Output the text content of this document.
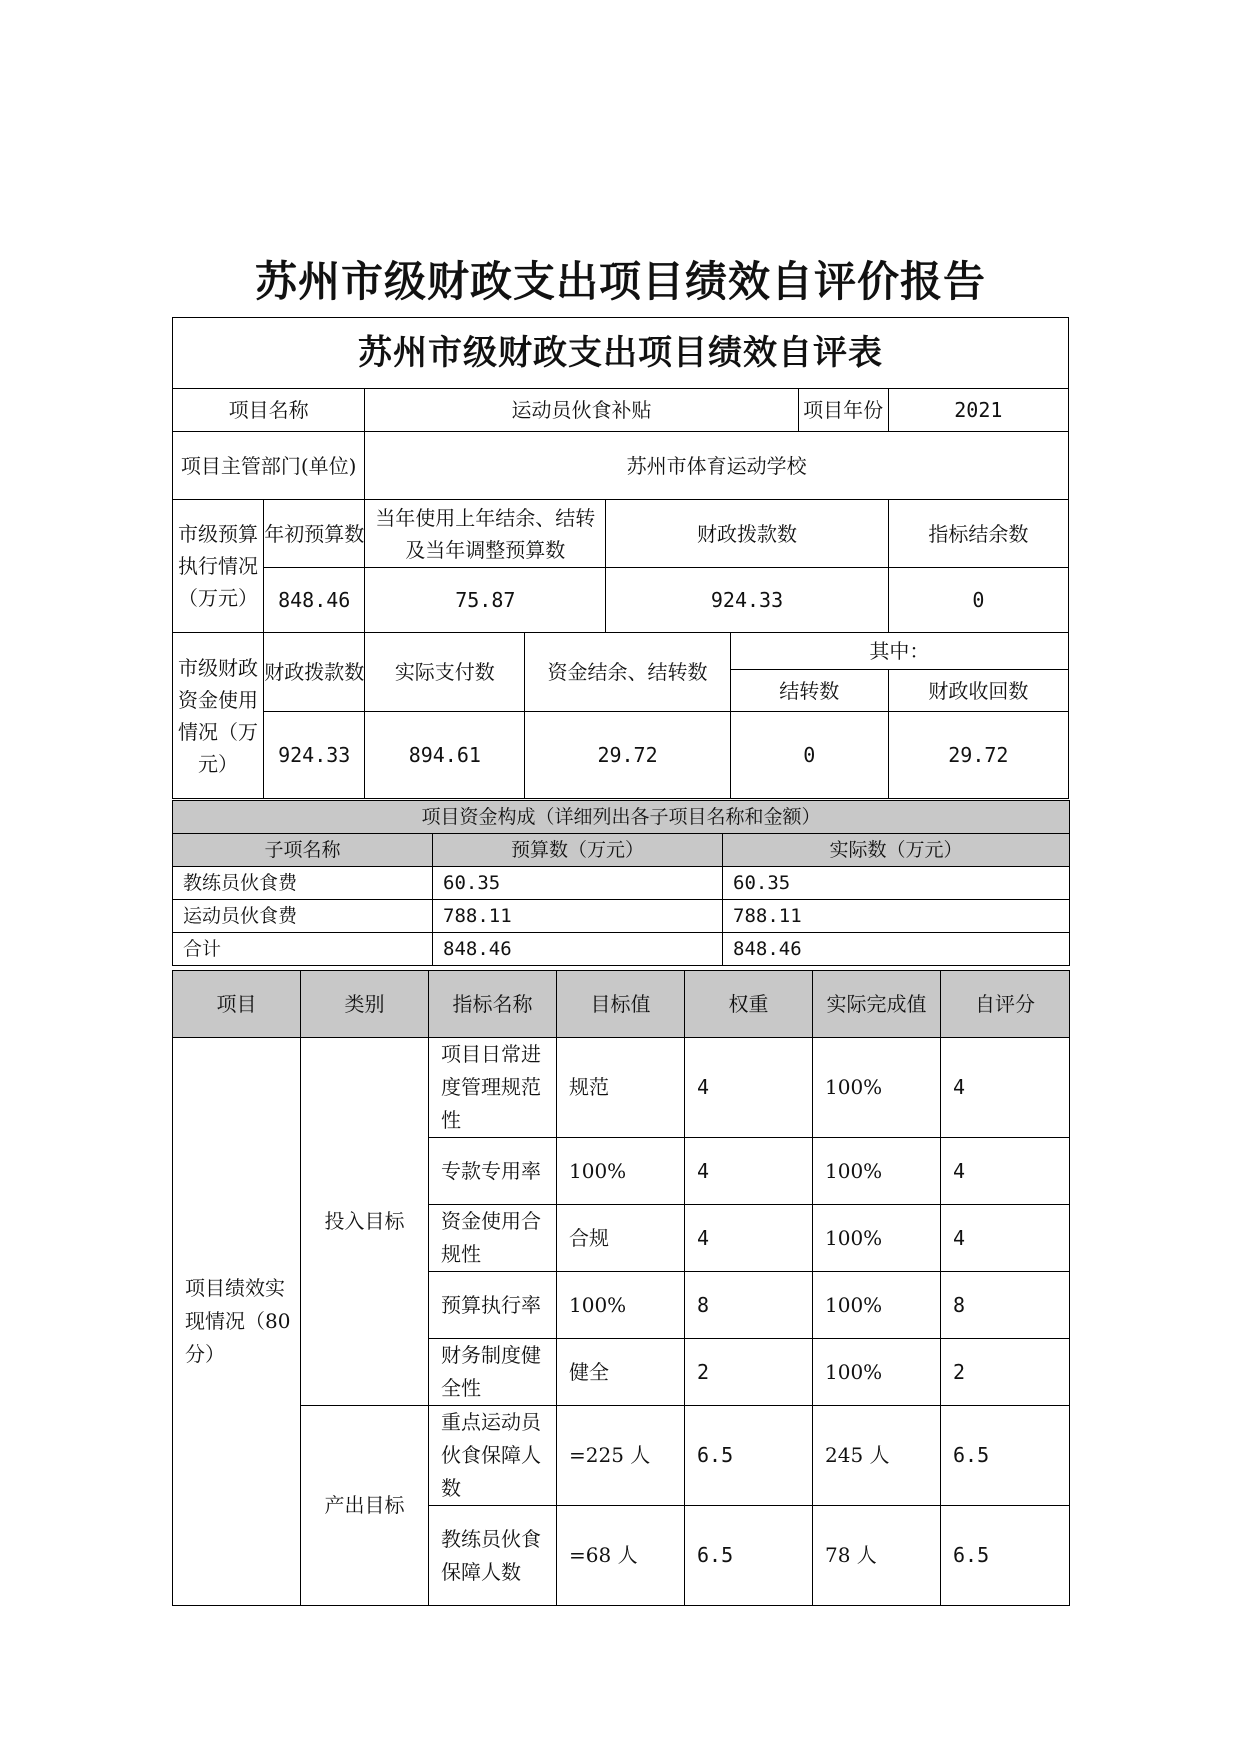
苏州市级财政支出项目绩效自评价报告
苏州市级财政支出项目绩效自评表							
项目名称		运动员伙食补贴				项目年份	2021
项目主管部门(单位)		苏州市体育运动学校					
市级预算执行情况（万元）	年初预算数	当年使用上年结余、结转及当年调整预算数		财政拨款数			指标结余数
	848.46	75.87		924.33			0
市级财政资金使用情况（万元）	财政拨款数	实际支付数	资金结余、结转数		其中：		
					结转数		财政收回数
	924.33	894.61	29.72		0		29.72
项目资金构成（详细列出各子项目名称和金额）		
子项名称	预算数（万元）	实际数（万元）
教练员伙食费	60.35	60.35
运动员伙食费	788.11	788.11
合计	848.46	848.46
项目	类别	指标名称	目标值	权重	实际完成值	自评分
项目绩效实现情况（80分）	投入目标	项目日常进度管理规范性	规范	4	100%	4
		专款专用率	100%	4	100%	4
		资金使用合规性	合规	4	100%	4
		预算执行率	100%	8	100%	8
		财务制度健全性	健全	2	100%	2
	产出目标	重点运动员伙食保障人数	=225 人	6.5	245 人	6.5
		教练员伙食保障人数	=68 人	6.5	78 人	6.5
